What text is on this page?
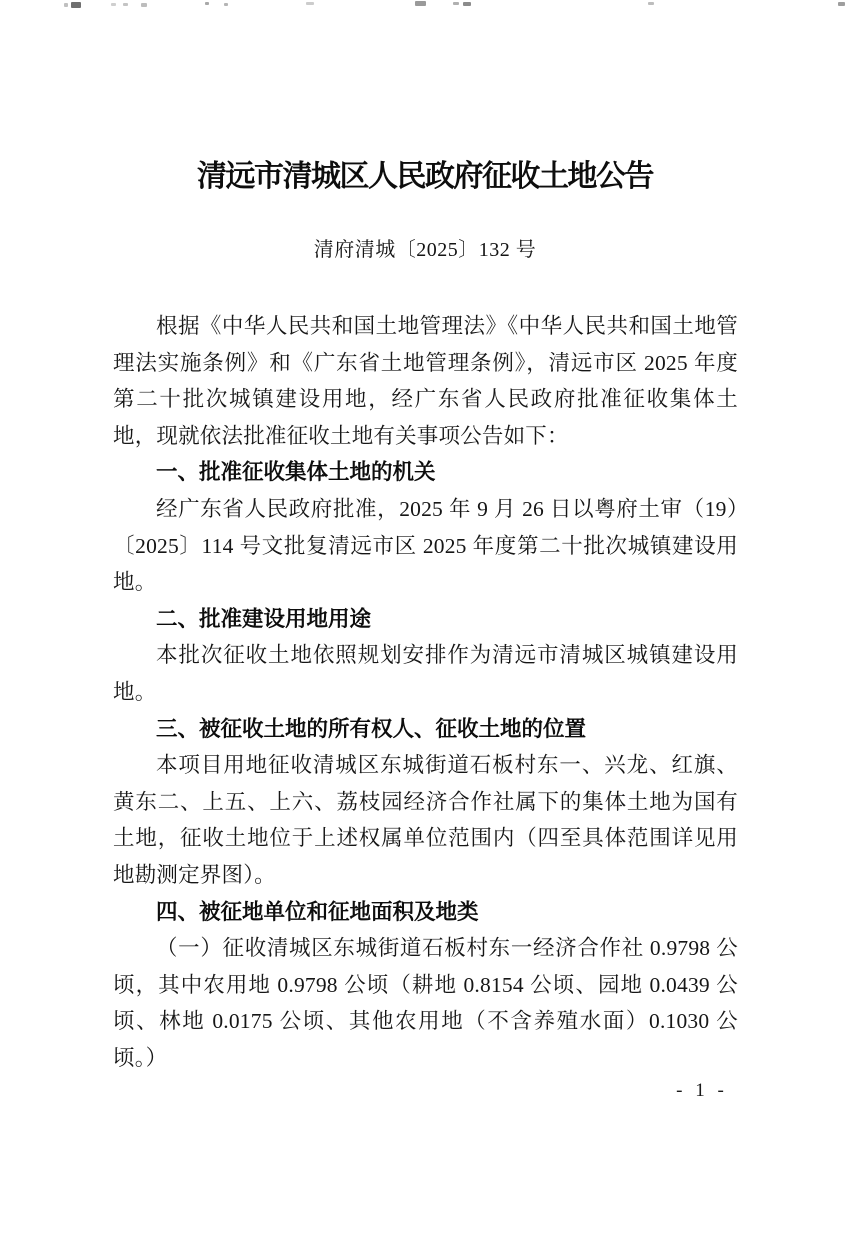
清远市清城区人民政府征收土地公告
清府清城〔2025〕132 号

根据《中华人民共和国土地管理法》《中华人民共和国土地管理法实施条例》和《广东省土地管理条例》，清远市区 2025 年度第二十批次城镇建设用地，经广东省人民政府批准征收集体土地，现就依法批准征收土地有关事项公告如下：

一、批准征收集体土地的机关

经广东省人民政府批准，2025 年 9 月 26 日以粤府土审（19）〔2025〕114 号文批复清远市区 2025 年度第二十批次城镇建设用地。

二、批准建设用地用途

本批次征收土地依照规划安排作为清远市清城区城镇建设用地。

三、被征收土地的所有权人、征收土地的位置

本项目用地征收清城区东城街道石板村东一、兴龙、红旗、黄东二、上五、上六、荔枝园经济合作社属下的集体土地为国有土地，征收土地位于上述权属单位范围内（四至具体范围详见用地勘测定界图）。

四、被征地单位和征地面积及地类

（一）征收清城区东城街道石板村东一经济合作社 0.9798 公顷，其中农用地 0.9798 公顷（耕地 0.8154 公顷、园地 0.0439 公顷、林地 0.0175 公顷、其他农用地（不含养殖水面）0.1030 公顷。）

- 1 -
